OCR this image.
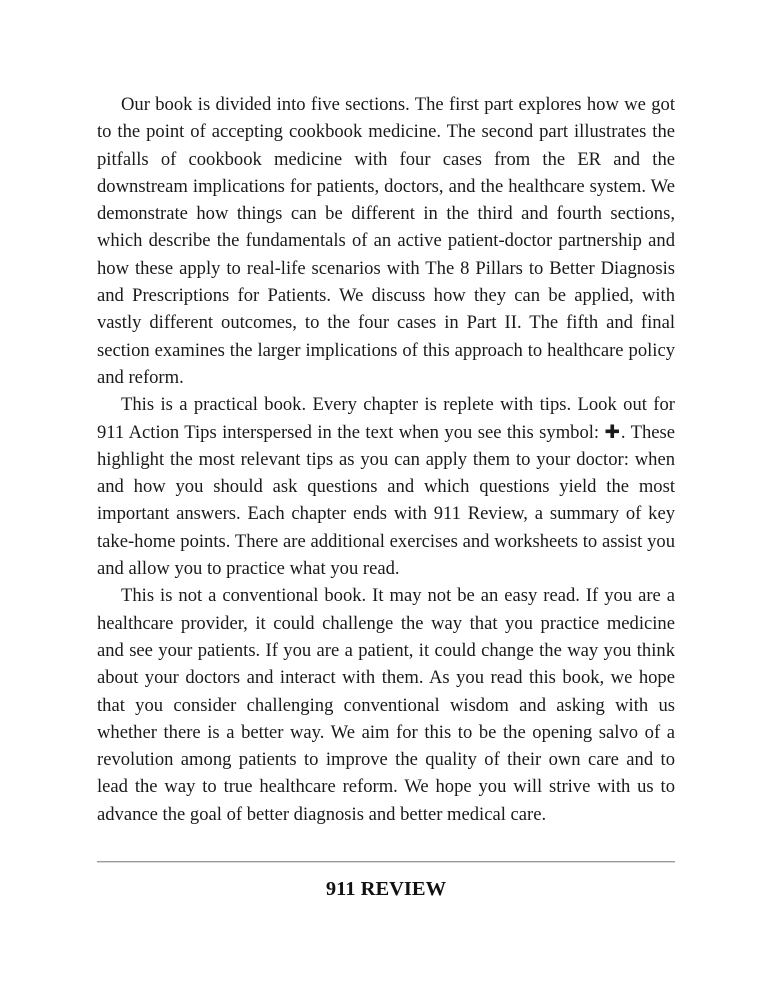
Our book is divided into five sections. The first part explores how we got to the point of accepting cookbook medicine. The second part illustrates the pitfalls of cookbook medicine with four cases from the ER and the downstream implications for patients, doctors, and the healthcare system. We demonstrate how things can be different in the third and fourth sections, which describe the fundamentals of an active patient-doctor partnership and how these apply to real-life scenarios with The 8 Pillars to Better Diagnosis and Prescriptions for Patients. We discuss how they can be applied, with vastly different outcomes, to the four cases in Part II. The fifth and final section examines the larger implications of this approach to healthcare policy and reform.

This is a practical book. Every chapter is replete with tips. Look out for 911 Action Tips interspersed in the text when you see this symbol: ✚. These highlight the most relevant tips as you can apply them to your doctor: when and how you should ask questions and which questions yield the most important answers. Each chapter ends with 911 Review, a summary of key take-home points. There are additional exercises and worksheets to assist you and allow you to practice what you read.

This is not a conventional book. It may not be an easy read. If you are a healthcare provider, it could challenge the way that you practice medicine and see your patients. If you are a patient, it could change the way you think about your doctors and interact with them. As you read this book, we hope that you consider challenging conventional wisdom and asking with us whether there is a better way. We aim for this to be the opening salvo of a revolution among patients to improve the quality of their own care and to lead the way to true healthcare reform. We hope you will strive with us to advance the goal of better diagnosis and better medical care.

911 REVIEW
